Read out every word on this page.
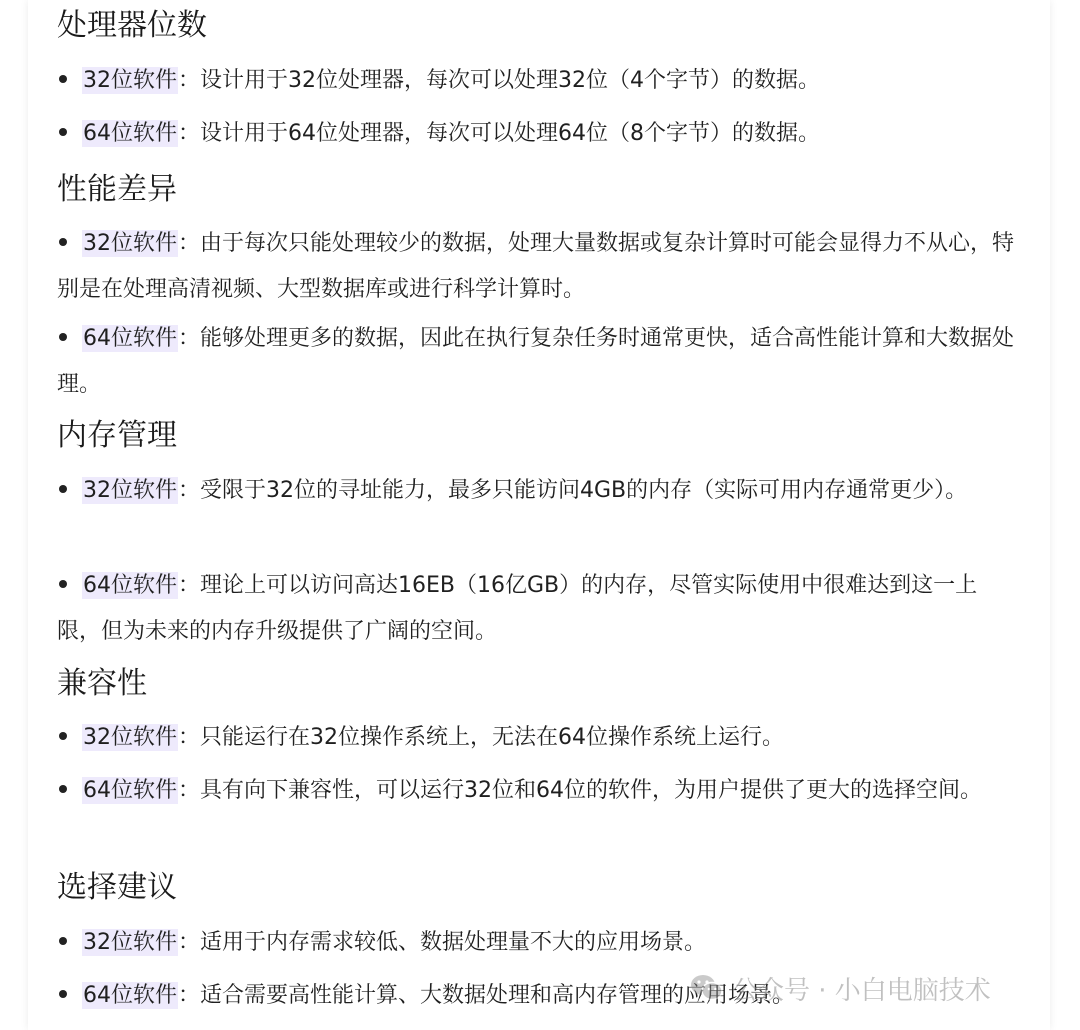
处理器位数

32位软件：设计用于32位处理器，每次可以处理32位（4个字节）的数据。

64位软件：设计用于64位处理器，每次可以处理64位（8个字节）的数据。

性能差异

32位软件：由于每次只能处理较少的数据，处理大量数据或复杂计算时可能会显得力不从心，特别是在处理高清视频、大型数据库或进行科学计算时。

64位软件：能够处理更多的数据，因此在执行复杂任务时通常更快，适合高性能计算和大数据处理。

内存管理

32位软件：受限于32位的寻址能力，最多只能访问4GB的内存（实际可用内存通常更少）。

64位软件：理论上可以访问高达16EB（16亿GB）的内存，尽管实际使用中很难达到这一上限，但为未来的内存升级提供了广阔的空间。

兼容性

32位软件：只能运行在32位操作系统上，无法在64位操作系统上运行。

64位软件：具有向下兼容性，可以运行32位和64位的软件，为用户提供了更大的选择空间。

选择建议

32位软件：适用于内存需求较低、数据处理量不大的应用场景。

64位软件：适合需要高性能计算、大数据处理和高内存管理的应用场景。

公众号 · 小白电脑技术
